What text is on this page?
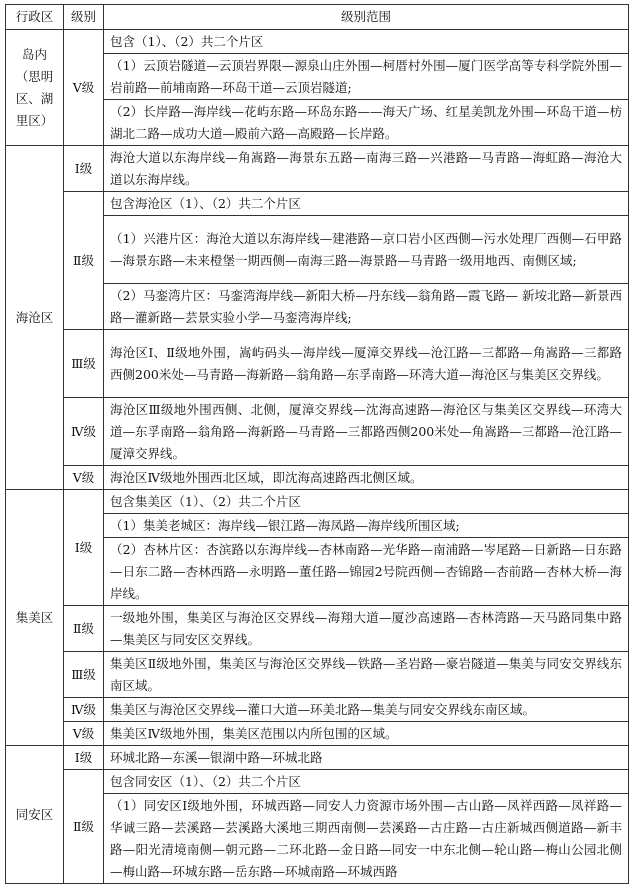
行政区	级别	级别范围
岛内（思明区、湖里区）	Ⅴ级	包含（1）、（2）共二个片区
		（1）云顶岩隧道—云顶岩界限—源泉山庄外围—柯厝村外围—厦门医学高等专科学院外围—岩前路—前埔南路—环岛干道—云顶岩隧道;
		（2）长岸路—海岸线—花屿东路—环岛东路——海天广场、红星美凯龙外围—环岛干道—枋湖北二路—成功大道—殿前六路—高殿路—长岸路。
海沧区	Ⅰ级	海沧大道以东海岸线—角嵩路—海景东五路—南海三路—兴港路—马青路—海虹路—海沧大道以东海岸线。
	Ⅱ级	包含海沧区（1）、（2）共二个片区
		（1）兴港片区：海沧大道以东海岸线—建港路—京口岩小区西侧—污水处理厂西侧—石甲路—海景东路—未来橙堡一期西侧—南海三路—海景路—马青路一级用地西、南侧区域;
		（2）马銮湾片区：马銮湾海岸线—新阳大桥—丹东线—翁角路—霞飞路— 新垵北路—新景西路—灌新路—芸景实验小学—马銮湾海岸线;
	Ⅲ级	海沧区Ⅰ、Ⅱ级地外围，嵩屿码头—海岸线—厦漳交界线—沧江路—三都路—角嵩路—三都路西侧200米处—马青路—海新路—翁角路—东孚南路—环湾大道—海沧区与集美区交界线。
	Ⅳ级	海沧区Ⅲ级地外围西侧、北侧，厦漳交界线—沈海高速路—海沧区与集美区交界线—环湾大道—东孚南路—翁角路—海新路—马青路—三都路西侧200米处—角嵩路—三都路—沧江路—厦漳交界线。
	Ⅴ级	海沧区Ⅳ级地外围西北区域，即沈海高速路西北侧区域。
集美区	Ⅰ级	包含集美区（1）、（2）共二个片区
		（1）集美老城区：海岸线—银江路—海凤路—海岸线所围区域;
		（2）杏林片区：杏滨路以东海岸线—杏林南路—光华路—南浦路—岑尾路—日新路—日东路—日东二路—杏林西路—永明路—董任路—锦园2号院西侧—杏锦路—杏前路—杏林大桥—海岸线。
	Ⅱ级	一级地外围，集美区与海沧区交界线—海翔大道—厦沙高速路—杏林湾路—天马路同集中路—集美区与同安区交界线。
	Ⅲ级	集美区Ⅱ级地外围，集美区与海沧区交界线—铁路—圣岩路—豪岩隧道—集美与同安交界线东南区域。
	Ⅳ级	集美区与海沧区交界线—灌口大道—环美北路—集美与同安交界线东南区域。
	Ⅴ级	集美区Ⅳ级地外围，集美区范围以内所包围的区域。
同安区	Ⅰ级	环城北路—东溪—银湖中路—环城北路
	Ⅱ级	包含同安区（1）、（2）共二个片区
		（1）同安区Ⅰ级地外围，环城西路—同安人力资源市场外围—古山路—凤祥西路—凤祥路—华诚三路—芸溪路—芸溪路大溪地三期西南侧—芸溪路—古庄路—古庄新城西侧道路—新丰路—阳光清境南侧—朝元路—二环北路—金日路—同安一中东北侧—轮山路—梅山公园北侧—梅山路—环城东路—岳东路—环城南路—环城西路
